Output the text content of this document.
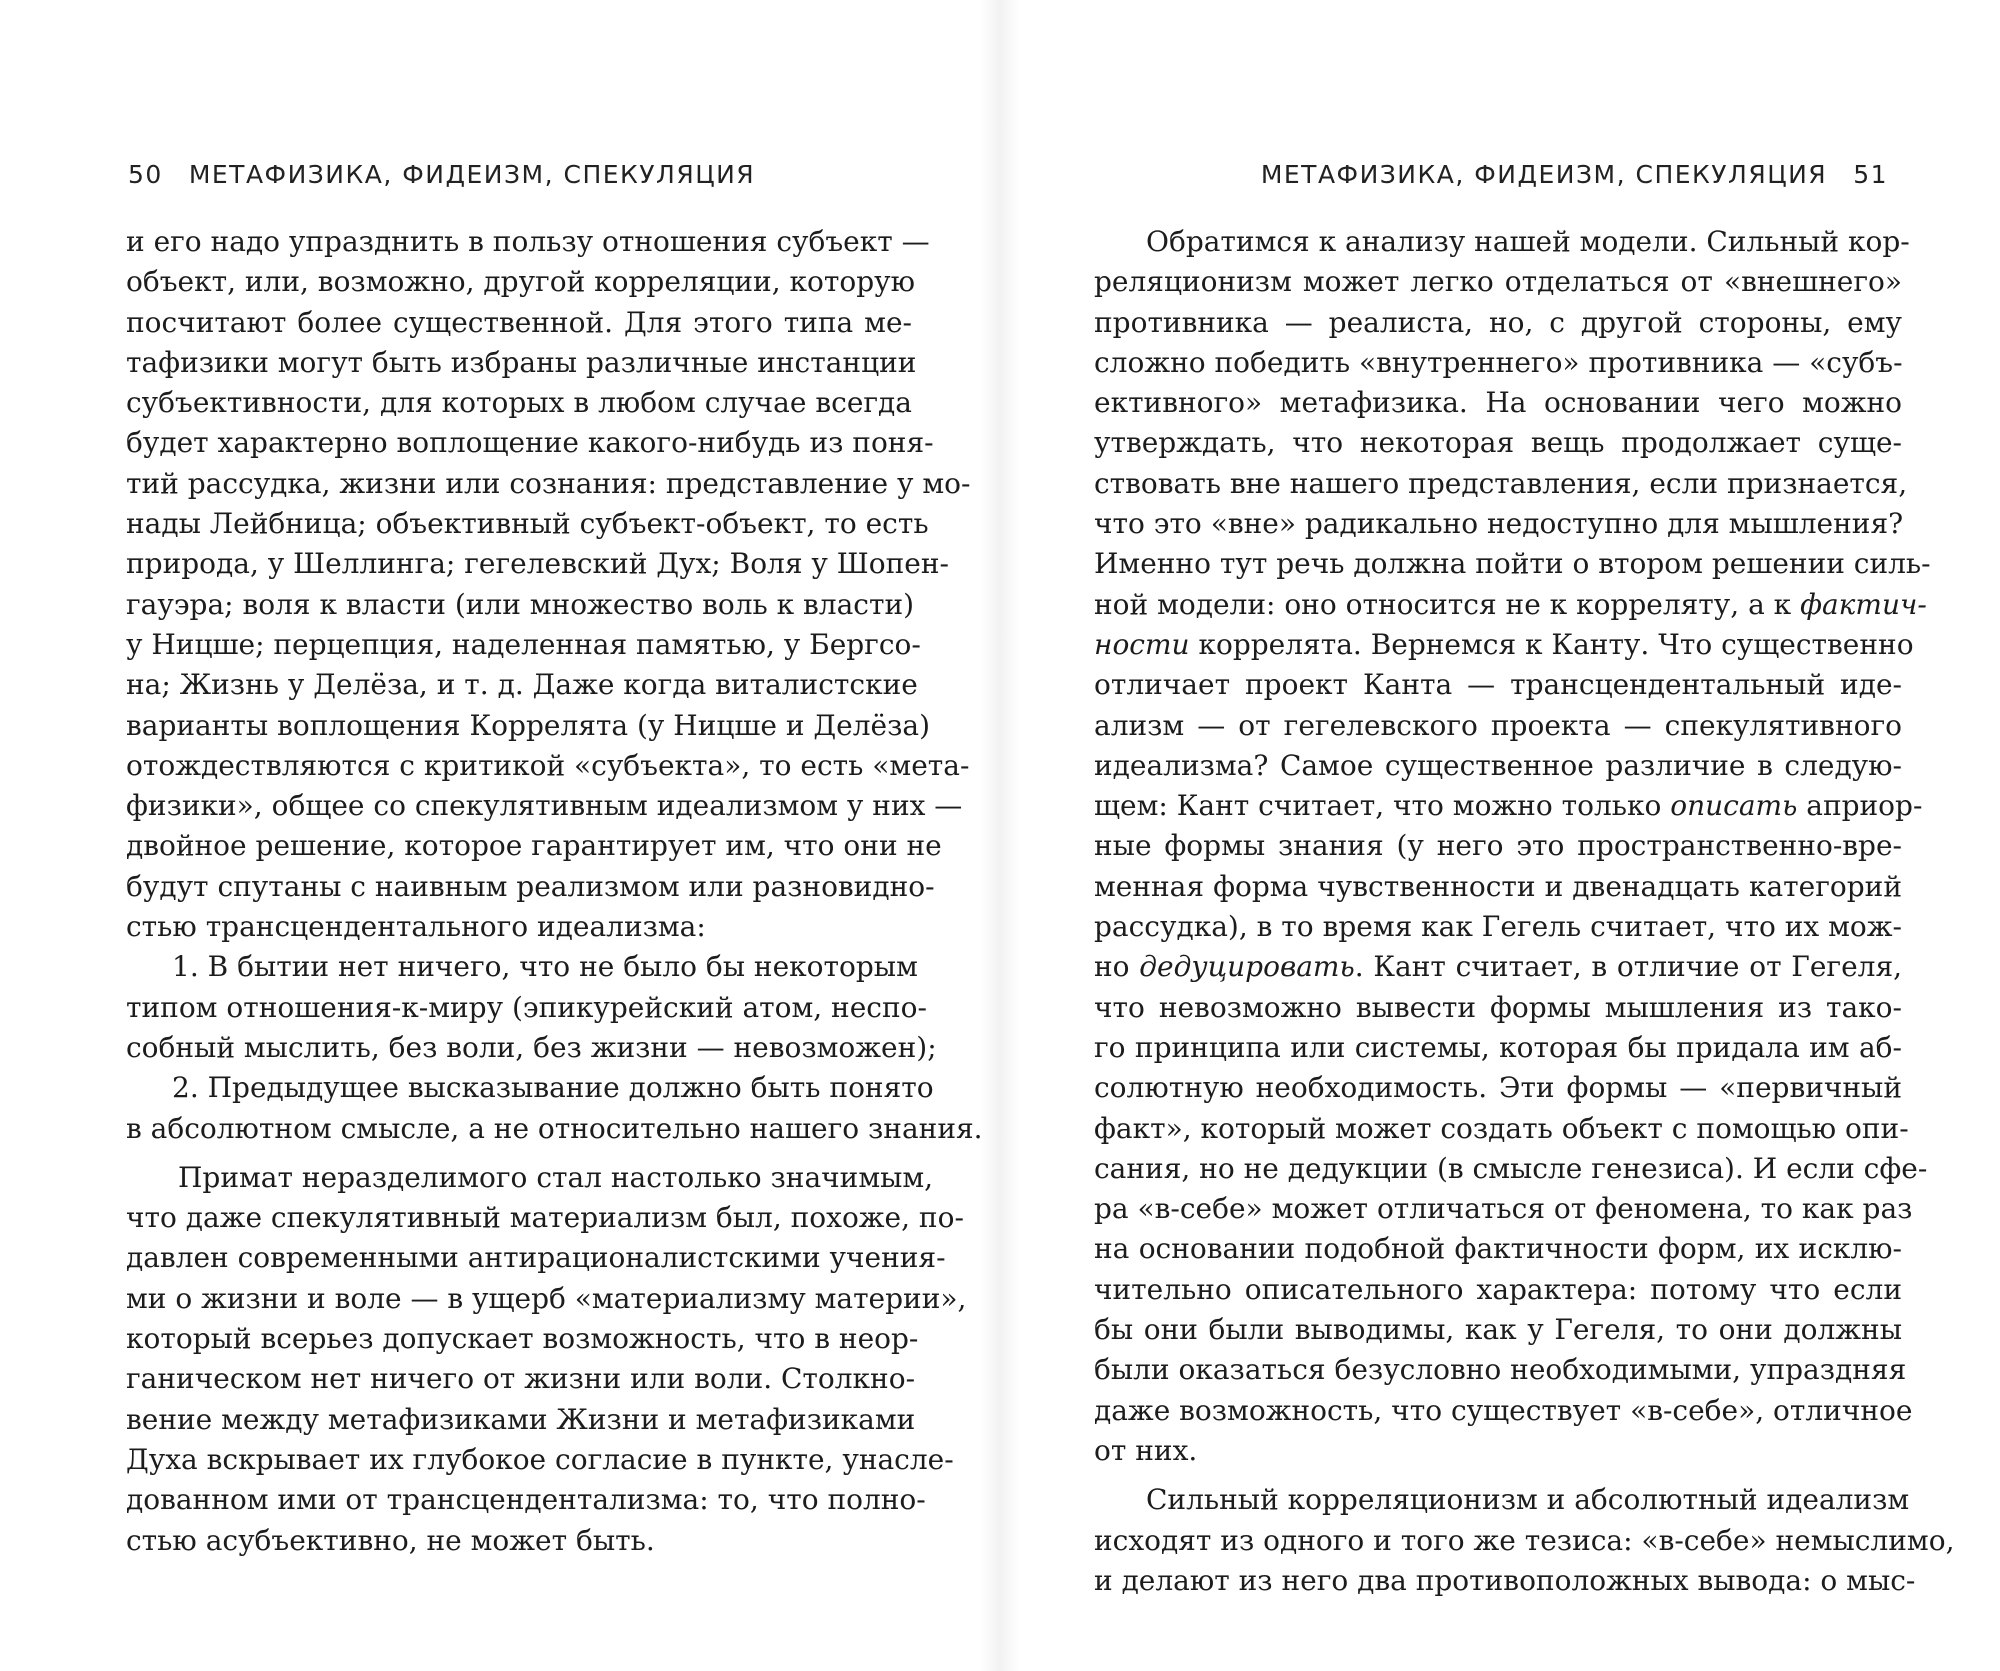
50 МЕТАФИЗИКА, ФИДЕИЗМ, СПЕКУЛЯЦИЯ
и его надо упразднить в пользу отношения субъект —
объект, или, возможно, другой корреляции, которую
посчитают более существенной. Для этого типа ме-
тафизики могут быть избраны различные инстанции
субъективности, для которых в любом случае всегда
будет характерно воплощение какого-нибудь из поня-
тий рассудка, жизни или сознания: представление у мо-
нады Лейбница; объективный субъект-объект, то есть
природа, у Шеллинга; гегелевский Дух; Воля у Шопен-
гауэра; воля к власти (или множество воль к власти)
у Ницше; перцепция, наделенная памятью, у Бергсо-
на; Жизнь у Делёза, и т. д. Даже когда виталистские
варианты воплощения Коррелята (у Ницше и Делёза)
отождествляются с критикой «субъекта», то есть «мета-
физики», общее со спекулятивным идеализмом у них —
двойное решение, которое гарантирует им, что они не
будут спутаны с наивным реализмом или разновидно-
стью трансцендентального идеализма:
1. В бытии нет ничего, что не было бы некоторым
типом отношения-к-миру (эпикурейский атом, неспо-
собный мыслить, без воли, без жизни — невозможен);
2. Предыдущее высказывание должно быть понято
в абсолютном смысле, а не относительно нашего знания.
Примат неразделимого стал настолько значимым,
что даже спекулятивный материализм был, похоже, по-
давлен современными антирационалистскими учения-
ми о жизни и воле — в ущерб «материализму материи»,
который всерьез допускает возможность, что в неор-
ганическом нет ничего от жизни или воли. Столкно-
вение между метафизиками Жизни и метафизиками
Духа вскрывает их глубокое согласие в пункте, унасле-
дованном ими от трансцендентализма: то, что полно-
стью асубъективно, не может быть.
МЕТАФИЗИКА, ФИДЕИЗМ, СПЕКУЛЯЦИЯ 51
Обратимся к анализу нашей модели. Сильный кор-
реляционизм может легко отделаться от «внешнего»
противника — реалиста, но, с другой стороны, ему
сложно победить «внутреннего» противника — «субъ-
ективного» метафизика. На основании чего можно
утверждать, что некоторая вещь продолжает суще-
ствовать вне нашего представления, если признается,
что это «вне» радикально недоступно для мышления?
Именно тут речь должна пойти о втором решении силь-
ной модели: оно относится не к корреляту, а к фактич-
ности коррелята. Вернемся к Канту. Что существенно
отличает проект Канта — трансцендентальный иде-
ализм — от гегелевского проекта — спекулятивного
идеализма? Самое существенное различие в следую-
щем: Кант считает, что можно только описать априор-
ные формы знания (у него это пространственно-вре-
менная форма чувственности и двенадцать категорий
рассудка), в то время как Гегель считает, что их мож-
но дедуцировать. Кант считает, в отличие от Гегеля,
что невозможно вывести формы мышления из тако-
го принципа или системы, которая бы придала им аб-
солютную необходимость. Эти формы — «первичный
факт», который может создать объект с помощью опи-
сания, но не дедукции (в смысле генезиса). И если сфе-
ра «в-себе» может отличаться от феномена, то как раз
на основании подобной фактичности форм, их исклю-
чительно описательного характера: потому что если
бы они были выводимы, как у Гегеля, то они должны
были оказаться безусловно необходимыми, упраздняя
даже возможность, что существует «в-себе», отличное
от них.
Сильный корреляционизм и абсолютный идеализм
исходят из одного и того же тезиса: «в-себе» немыслимо,
и делают из него два противоположных вывода: о мыс-
